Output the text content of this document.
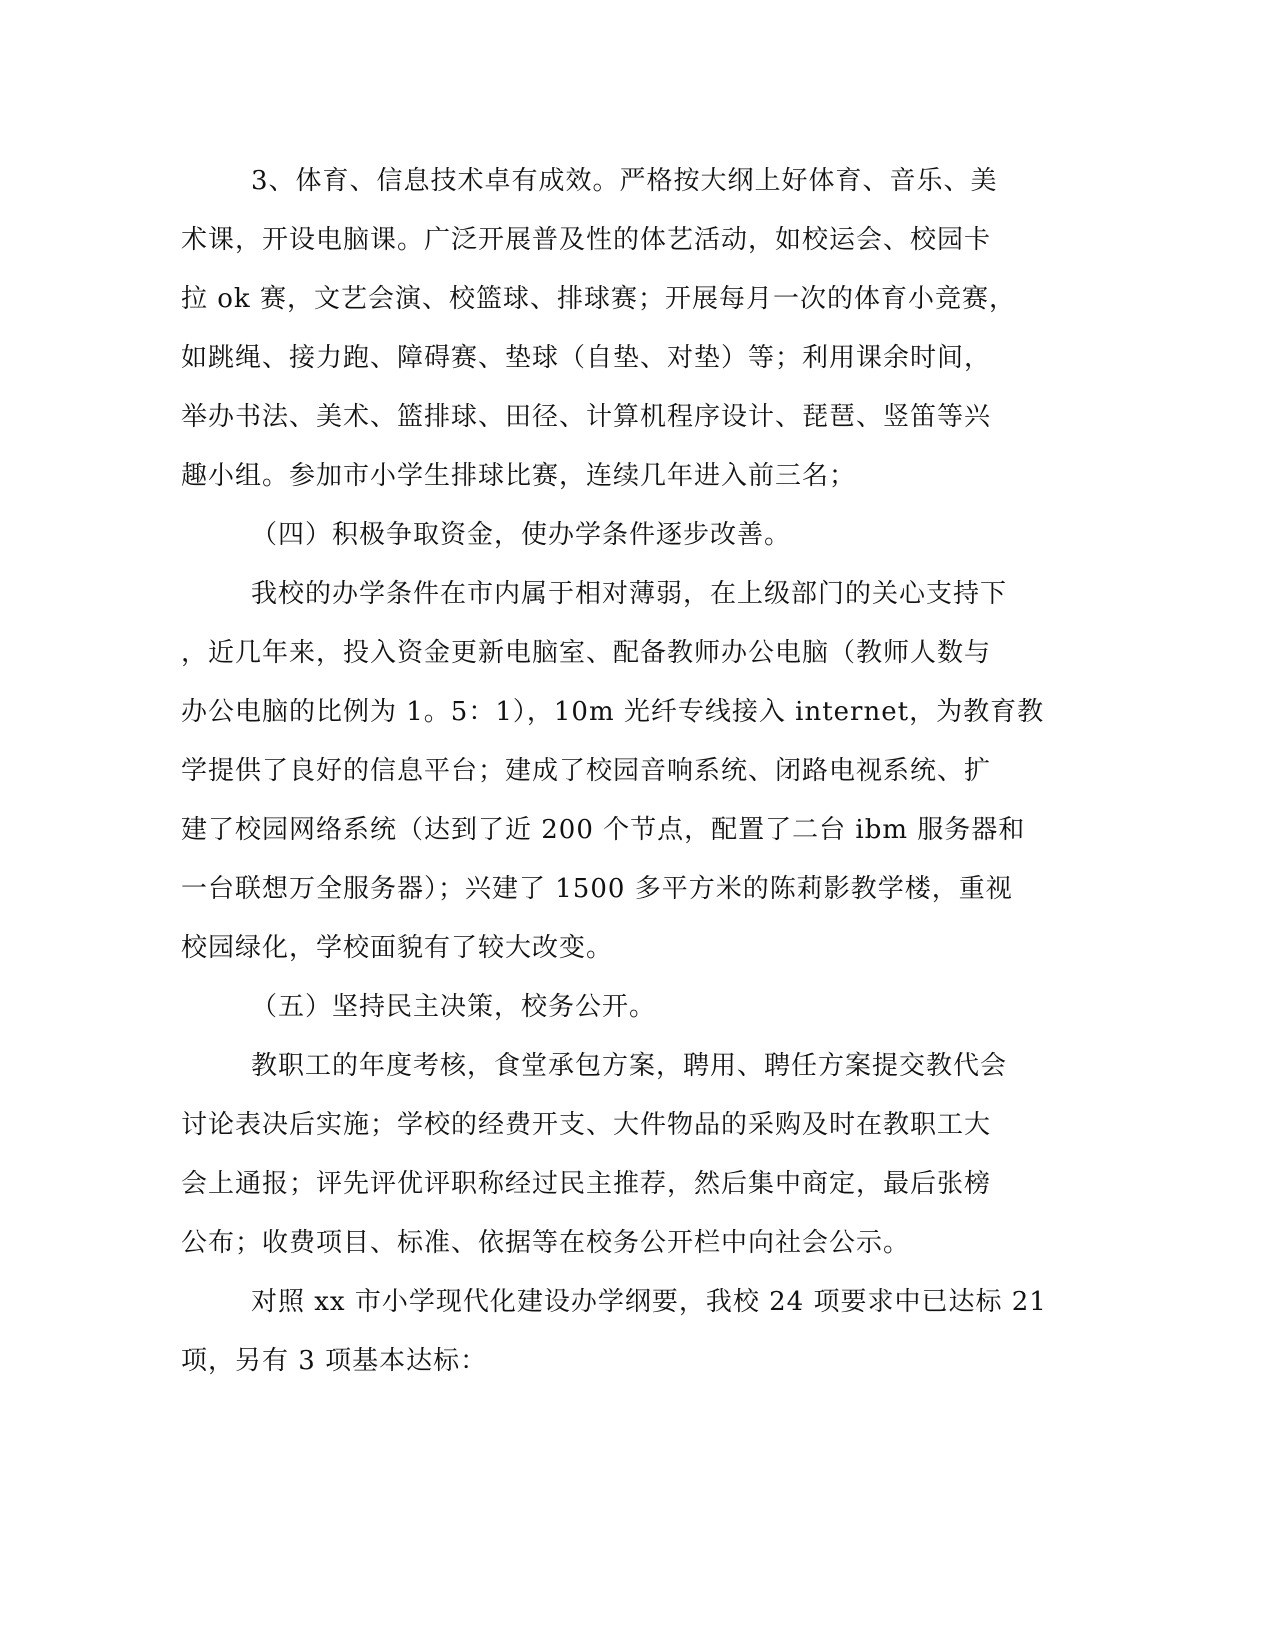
3、体育、信息技术卓有成效。严格按大纲上好体育、音乐、美
术课，开设电脑课。广泛开展普及性的体艺活动，如校运会、校园卡
拉 ok 赛，文艺会演、校篮球、排球赛；开展每月一次的体育小竞赛，
如跳绳、接力跑、障碍赛、垫球（自垫、对垫）等；利用课余时间，
举办书法、美术、篮排球、田径、计算机程序设计、琵琶、竖笛等兴
趣小组。参加市小学生排球比赛，连续几年进入前三名；
（四）积极争取资金，使办学条件逐步改善。
我校的办学条件在市内属于相对薄弱，在上级部门的关心支持下
，近几年来，投入资金更新电脑室、配备教师办公电脑（教师人数与
办公电脑的比例为 1。5：1），10m 光纤专线接入 internet，为教育教
学提供了良好的信息平台；建成了校园音响系统、闭路电视系统、扩
建了校园网络系统（达到了近 200 个节点，配置了二台 ibm 服务器和
一台联想万全服务器）；兴建了 1500 多平方米的陈莉影教学楼，重视
校园绿化，学校面貌有了较大改变。
（五）坚持民主决策，校务公开。
教职工的年度考核，食堂承包方案，聘用、聘任方案提交教代会
讨论表决后实施；学校的经费开支、大件物品的采购及时在教职工大
会上通报；评先评优评职称经过民主推荐，然后集中商定，最后张榜
公布；收费项目、标准、依据等在校务公开栏中向社会公示。
对照 xx 市小学现代化建设办学纲要，我校 24 项要求中已达标 21
项，另有 3 项基本达标：
